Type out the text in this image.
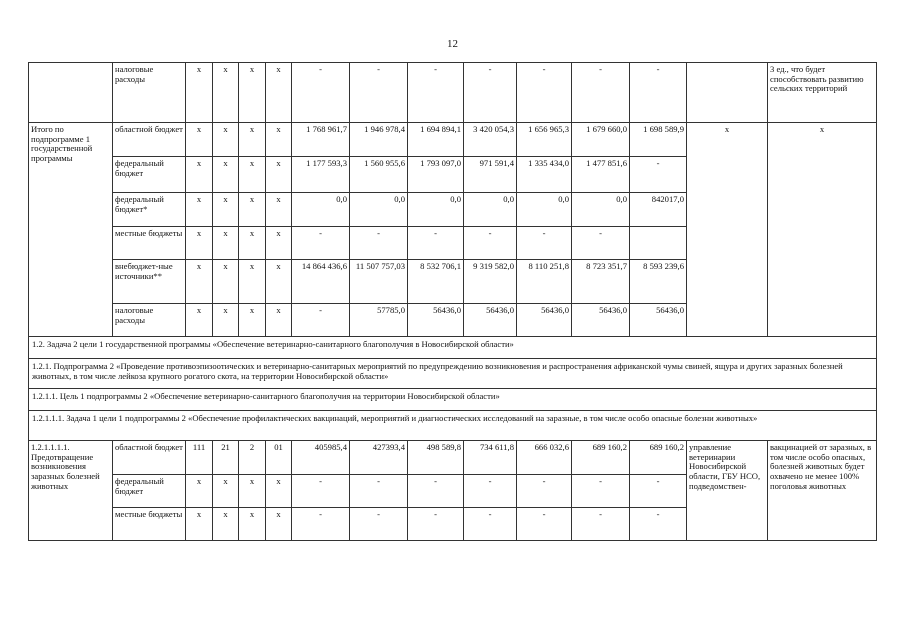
12
	налоговые расходы	х	х	х	х	-	-	-	-	-	-	-		3 ед., что будет способствовать развитию сельских территорий
Итого по подпрограмме 1 государственной программы	областной бюджет	х	х	х	х	1 768 961,7	1 946 978,4	1 694 894,1	3 420 054,3	1 656 965,3	1 679 660,0	1 698 589,9	х	х
	федеральный бюджет	х	х	х	х	1 177 593,3	1 560 955,6	1 793 097,0	971 591,4	1 335 434,0	1 477 851,6	-		
	федеральный бюджет*	х	х	х	х	0,0	0,0	0,0	0,0	0,0	0,0	842017,0		
	местные бюджеты	х	х	х	х	-	-	-	-	-	-			
	внебюджет-ные источники**	х	х	х	х	14 864 436,6	11 507 757,03	8 532 706,1	9 319 582,0	8 110 251,8	8 723 351,7	8 593 239,6		
	налоговые расходы	х	х	х	х	-	57785,0	56436,0	56436,0	56436,0	56436,0	56436,0		
1.2. Задача 2 цели 1 государственной программы «Обеспечение ветеринарно-санитарного благополучия в Новосибирской области»														
1.2.1. Подпрограмма 2 «Проведение противоэпизоотических и ветеринарно-санитарных мероприятий по предупреждению возникновения и распространения африканской чумы свиней, ящура и других заразных болезней животных, в том числе лейкоза крупного рогатого скота, на территории Новосибирской области»														
1.2.1.1. Цель 1 подпрограммы 2 «Обеспечение ветеринарно-санитарного благополучия на территории Новосибирской области»														
1.2.1.1.1. Задача 1 цели 1 подпрограммы 2 «Обеспечение профилактических вакцинаций, мероприятий и диагностических исследований на заразные, в том числе особо опасные болезни животных»														
1.2.1.1.1.1. Предотвращение возникновения заразных болезней животных	областной бюджет	111	21	2	01	405985,4	427393,4	498 589,8	734 611,8	666 032,6	689 160,2	689 160,2	управление ветеринарии Новосибирской области, ГБУ НСО, подведомствен-	вакцинацией от заразных, в том числе особо опасных, болезней животных будет охвачено не менее 100% поголовья животных
	федеральный бюджет	х	х	х	х	-	-	-	-	-	-	-		
	местные бюджеты	х	х	х	х	-	-	-	-	-	-	-		
